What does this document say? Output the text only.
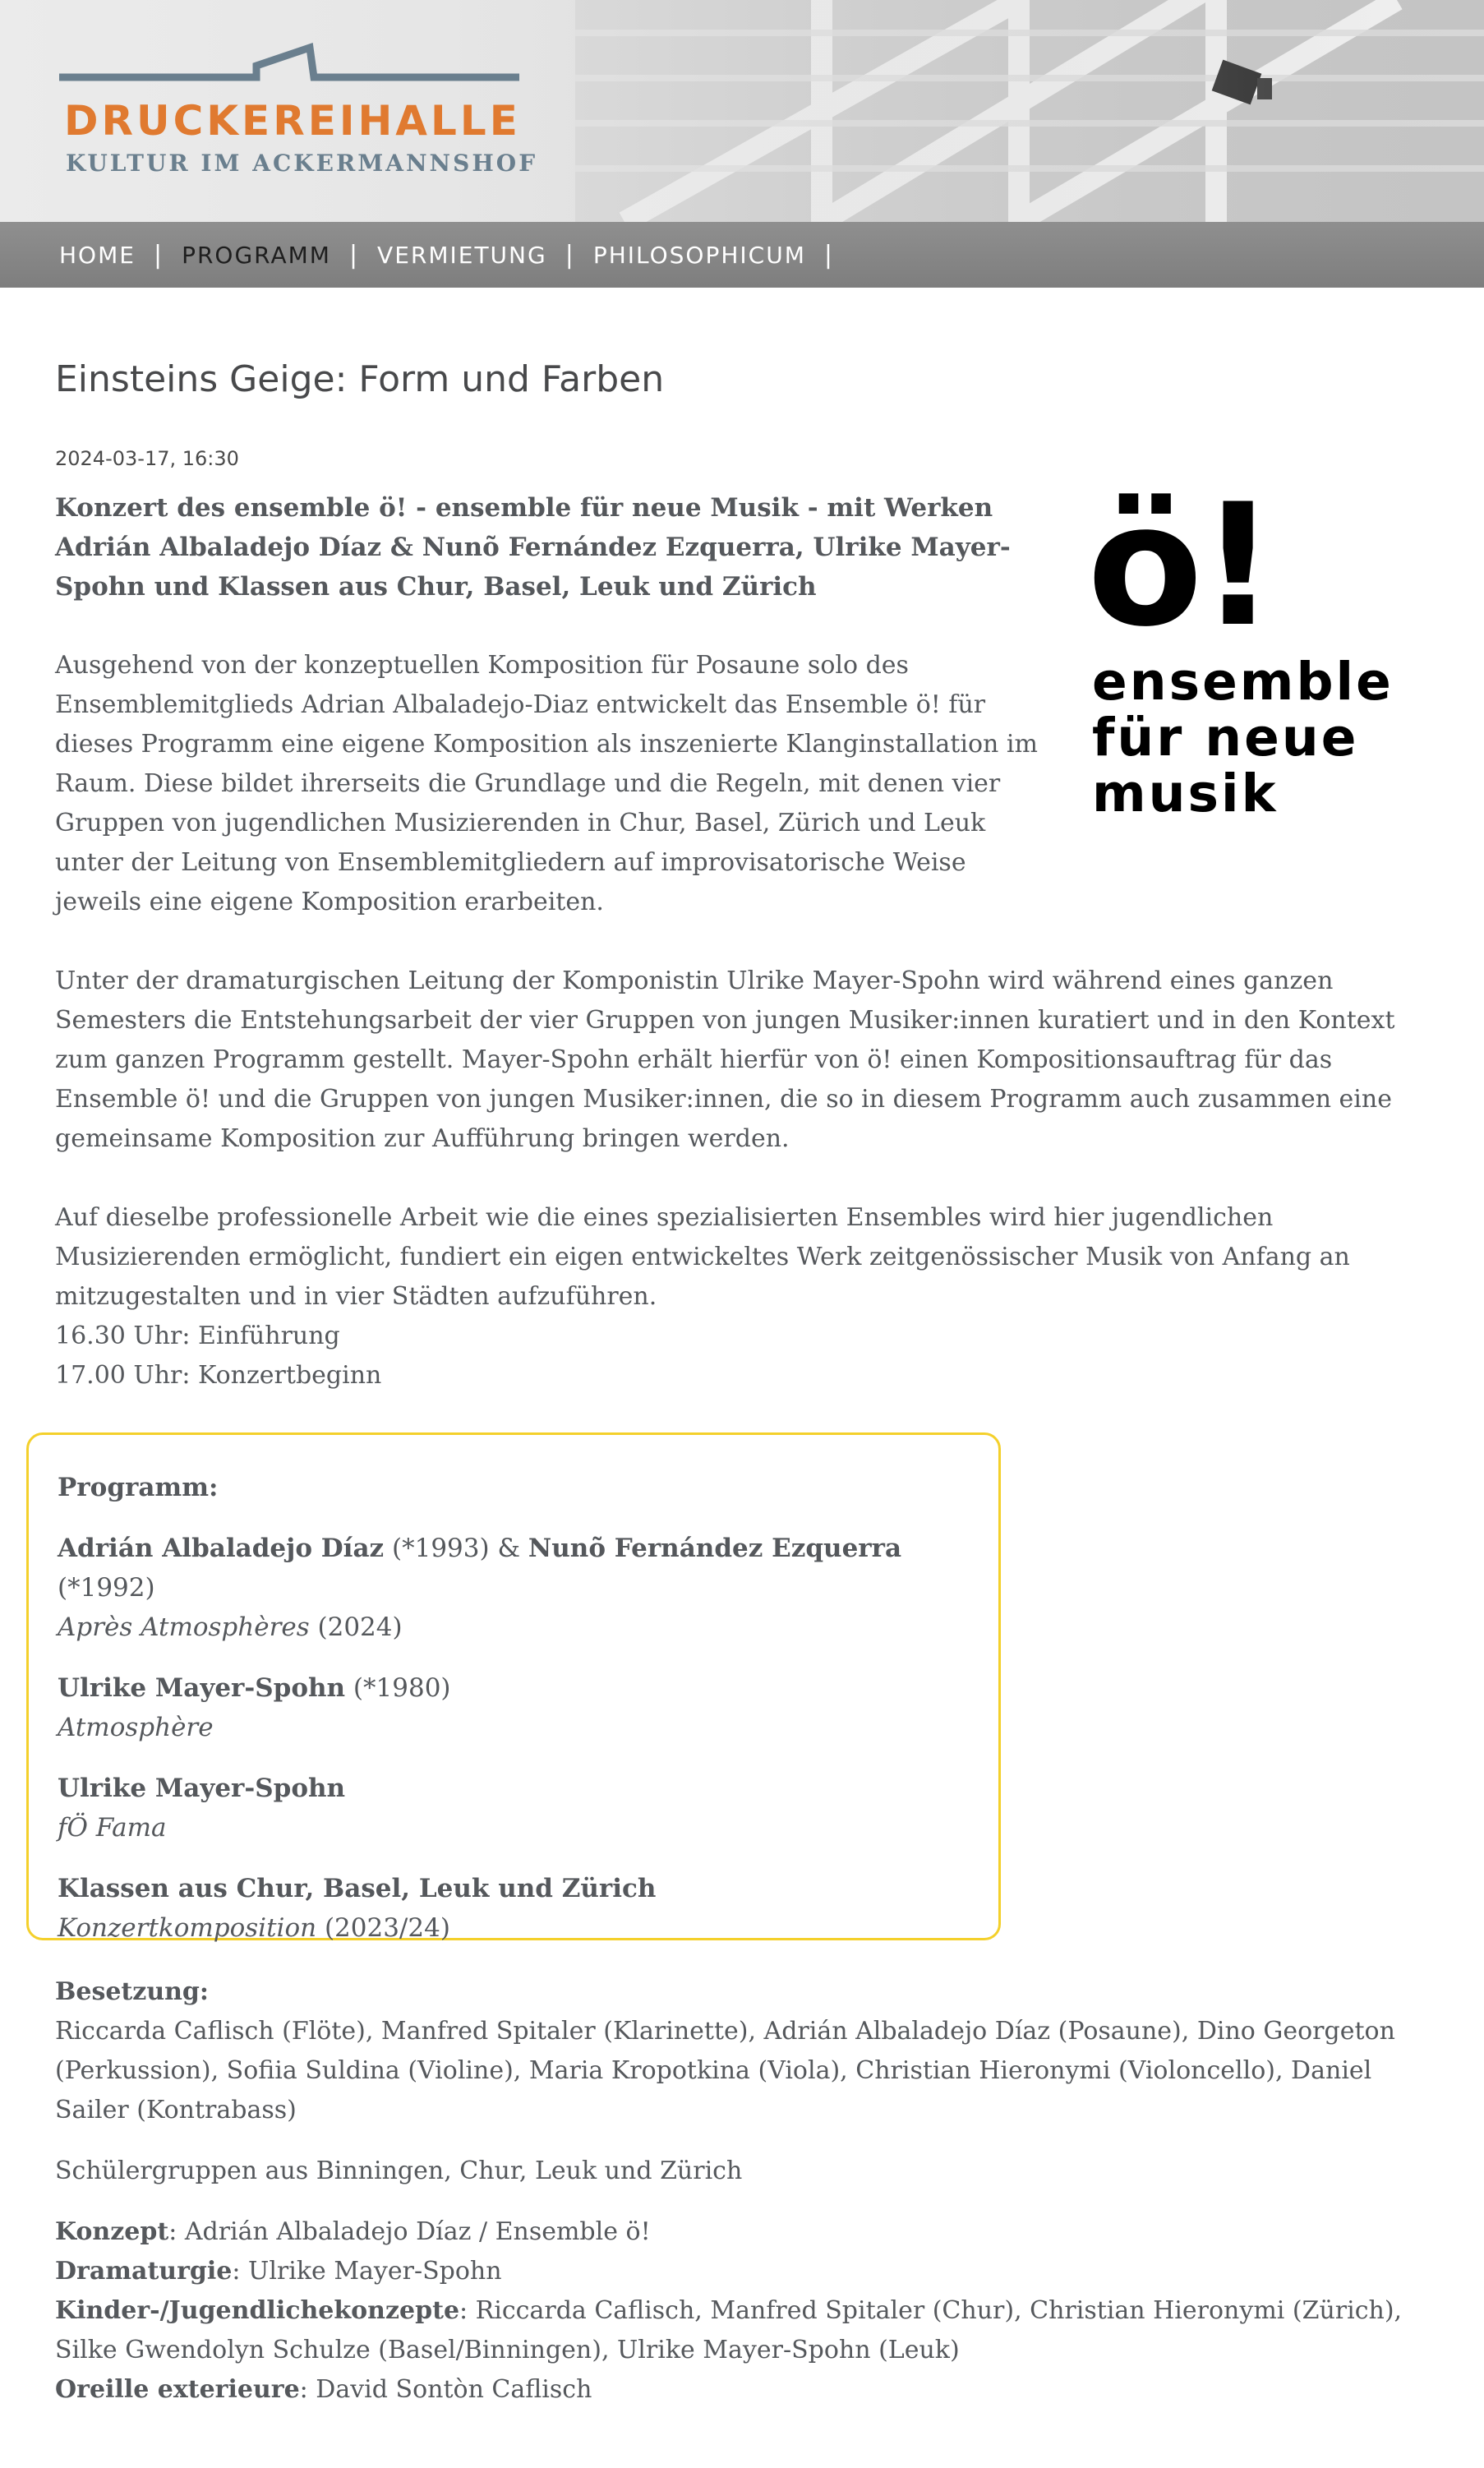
DRUCKEREIHALLE
KULTUR IM ACKERMANNSHOF
HOME | PROGRAMM | VERMIETUNG | PHILOSOPHICUM |
Einsteins Geige: Form und Farben
2024-03-17, 16:30

Konzert des ensemble ö! - ensemble für neue Musik - mit Werken Adrián Albaladejo Díaz & Nunõ Fernández Ezquerra, Ulrike Mayer-Spohn und Klassen aus Chur, Basel, Leuk und Zürich

Ausgehend von der konzeptuellen Komposition für Posaune solo des Ensemblemitglieds Adrian Albaladejo-Diaz entwickelt das Ensemble ö! für dieses Programm eine eigene Komposition als inszenierte Klanginstallation im Raum. Diese bildet ihrerseits die Grundlage und die Regeln, mit denen vier Gruppen von jugendlichen Musizierenden in Chur, Basel, Zürich und Leuk unter der Leitung von Ensemblemitgliedern auf improvisatorische Weise jeweils eine eigene Komposition erarbeiten.

ö!
ensemble
für neue
musik

Unter der dramaturgischen Leitung der Komponistin Ulrike Mayer-Spohn wird während eines ganzen Semesters die Entstehungsarbeit der vier Gruppen von jungen Musiker:innen kuratiert und in den Kontext zum ganzen Programm gestellt. Mayer-Spohn erhält hierfür von ö! einen Kompositionsauftrag für das Ensemble ö! und die Gruppen von jungen Musiker:innen, die so in diesem Programm auch zusammen eine gemeinsame Komposition zur Aufführung bringen werden.

Auf dieselbe professionelle Arbeit wie die eines spezialisierten Ensembles wird hier jugendlichen Musizierenden ermöglicht, fundiert ein eigen entwickeltes Werk zeitgenössischer Musik von Anfang an mitzugestalten und in vier Städten aufzuführen.

16.30 Uhr: Einführung

17.00 Uhr: Konzertbeginn

Programm:
Adrián Albaladejo Díaz (*1993) & Nunõ Fernández Ezquerra (*1992)
Après Atmosphères (2024)
Ulrike Mayer-Spohn (*1980)
Atmosphère
Ulrike Mayer-Spohn
fÖ Fama
Klassen aus Chur, Basel, Leuk und Zürich
Konzertkomposition (2023/24)
Besetzung:
Riccarda Caflisch (Flöte), Manfred Spitaler (Klarinette), Adrián Albaladejo Díaz (Posaune), Dino Georgeton (Perkussion), Sofiia Suldina (Violine), Maria Kropotkina (Viola), Christian Hieronymi (Violoncello), Daniel Sailer (Kontrabass)
Schülergruppen aus Binningen, Chur, Leuk und Zürich
Konzept: Adrián Albaladejo Díaz / Ensemble ö!
Dramaturgie: Ulrike Mayer-Spohn
Kinder-/Jugendlichekonzepte: Riccarda Caflisch, Manfred Spitaler (Chur), Christian Hieronymi (Zürich), Silke Gwendolyn Schulze (Basel/Binningen), Ulrike Mayer-Spohn (Leuk)
Oreille exterieure: David Sontòn Caflisch
